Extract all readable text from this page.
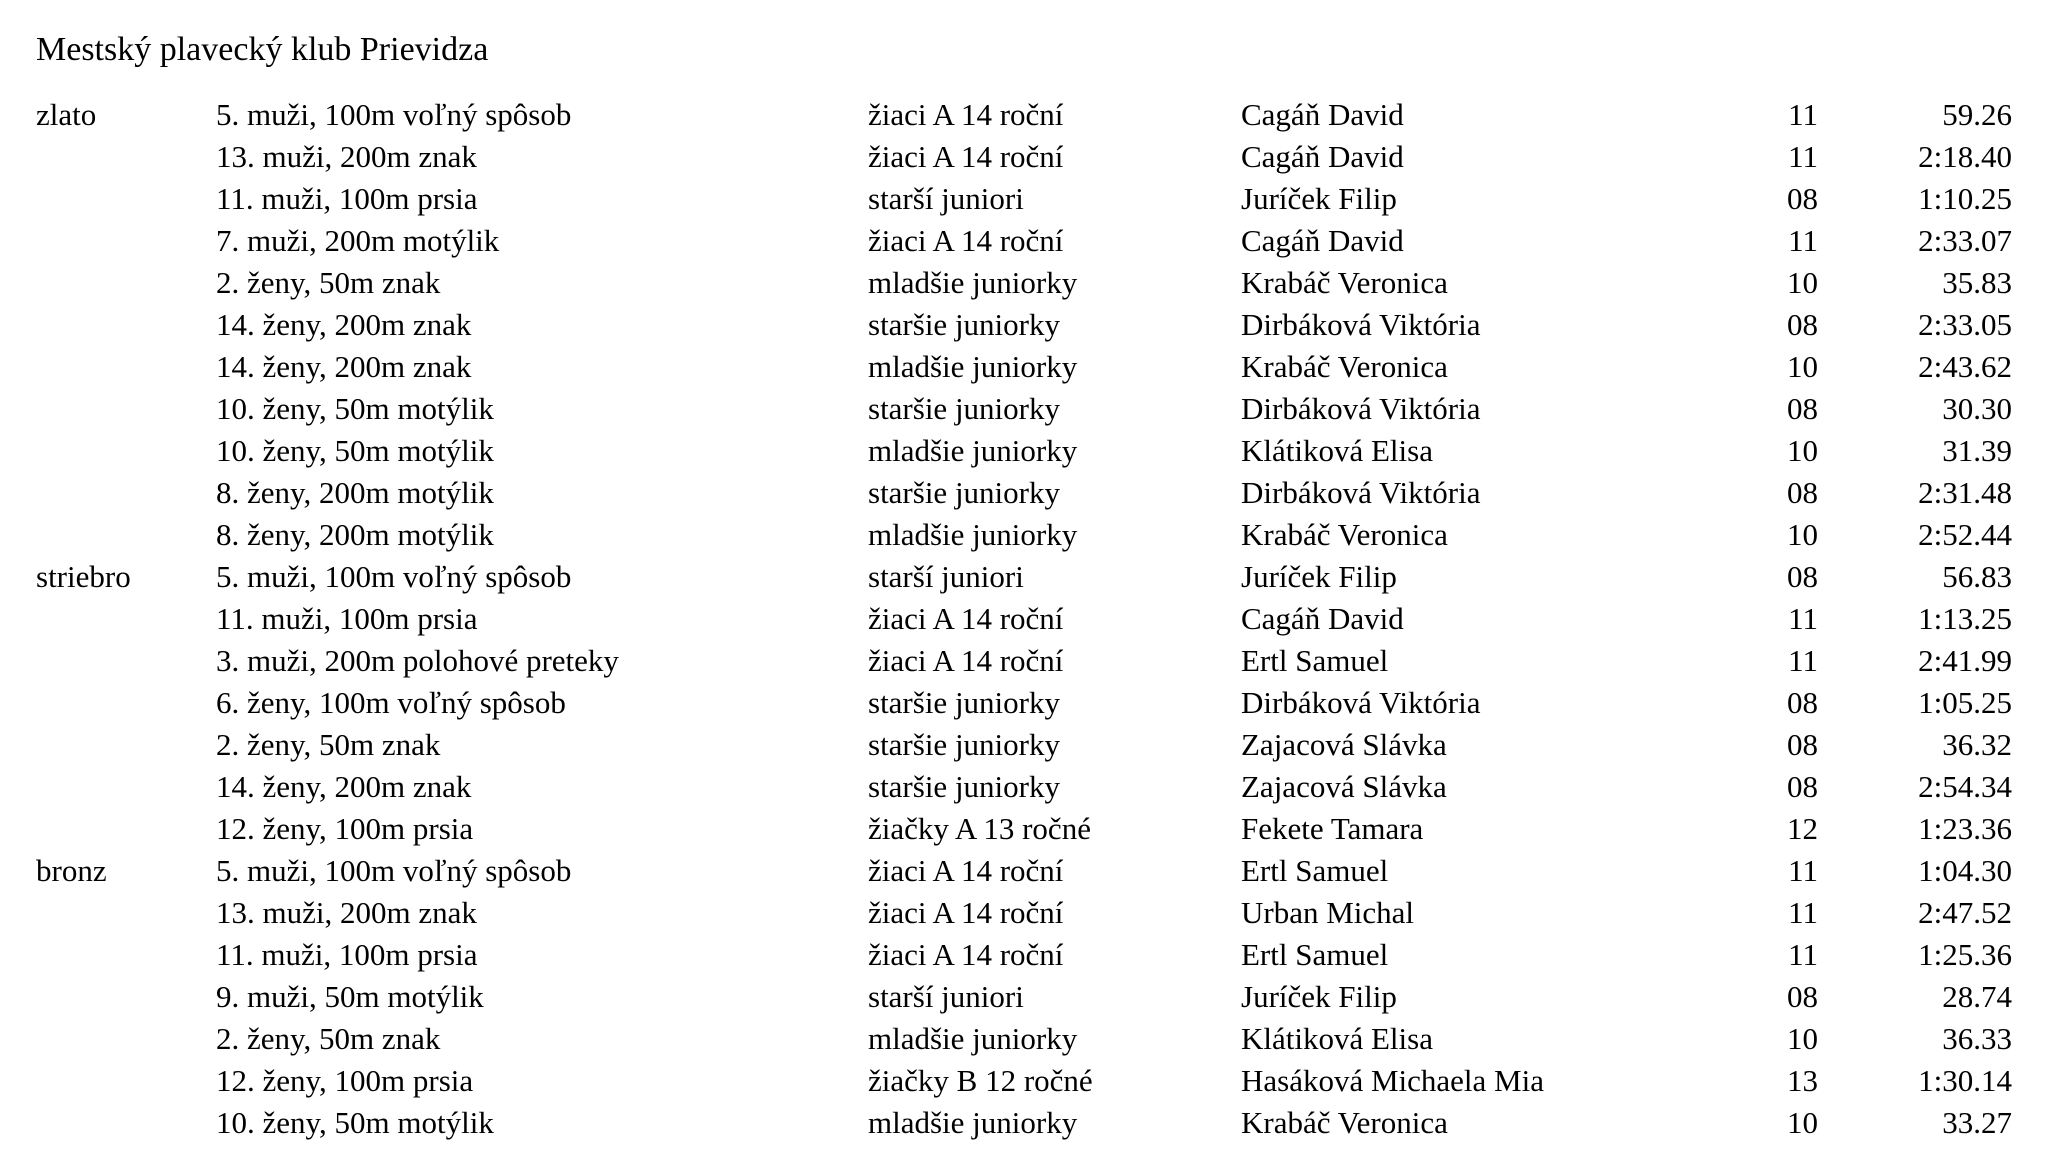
Mestský plavecký klub Prievidza
zlato	5. muži, 100m voľný spôsob	žiaci A 14 roční	Cagáň David	11	59.26
13. muži, 200m znak	žiaci A 14 roční	Cagáň David	11	2:18.40
11. muži, 100m prsia	starší juniori	Juríček Filip	08	1:10.25
7. muži, 200m motýlik	žiaci A 14 roční	Cagáň David	11	2:33.07
2. ženy, 50m znak	mladšie juniorky	Krabáč Veronica	10	35.83
14. ženy, 200m znak	staršie juniorky	Dirbáková Viktória	08	2:33.05
14. ženy, 200m znak	mladšie juniorky	Krabáč Veronica	10	2:43.62
10. ženy, 50m motýlik	staršie juniorky	Dirbáková Viktória	08	30.30
10. ženy, 50m motýlik	mladšie juniorky	Klátiková Elisa	10	31.39
8. ženy, 200m motýlik	staršie juniorky	Dirbáková Viktória	08	2:31.48
8. ženy, 200m motýlik	mladšie juniorky	Krabáč Veronica	10	2:52.44
striebro	5. muži, 100m voľný spôsob	starší juniori	Juríček Filip	08	56.83
11. muži, 100m prsia	žiaci A 14 roční	Cagáň David	11	1:13.25
3. muži, 200m polohové preteky	žiaci A 14 roční	Ertl Samuel	11	2:41.99
6. ženy, 100m voľný spôsob	staršie juniorky	Dirbáková Viktória	08	1:05.25
2. ženy, 50m znak	staršie juniorky	Zajacová Slávka	08	36.32
14. ženy, 200m znak	staršie juniorky	Zajacová Slávka	08	2:54.34
12. ženy, 100m prsia	žiačky A 13 ročné	Fekete Tamara	12	1:23.36
bronz	5. muži, 100m voľný spôsob	žiaci A 14 roční	Ertl Samuel	11	1:04.30
13. muži, 200m znak	žiaci A 14 roční	Urban Michal	11	2:47.52
11. muži, 100m prsia	žiaci A 14 roční	Ertl Samuel	11	1:25.36
9. muži, 50m motýlik	starší juniori	Juríček Filip	08	28.74
2. ženy, 50m znak	mladšie juniorky	Klátiková Elisa	10	36.33
12. ženy, 100m prsia	žiačky B 12 ročné	Hasáková Michaela Mia	13	1:30.14
10. ženy, 50m motýlik	mladšie juniorky	Krabáč Veronica	10	33.27
